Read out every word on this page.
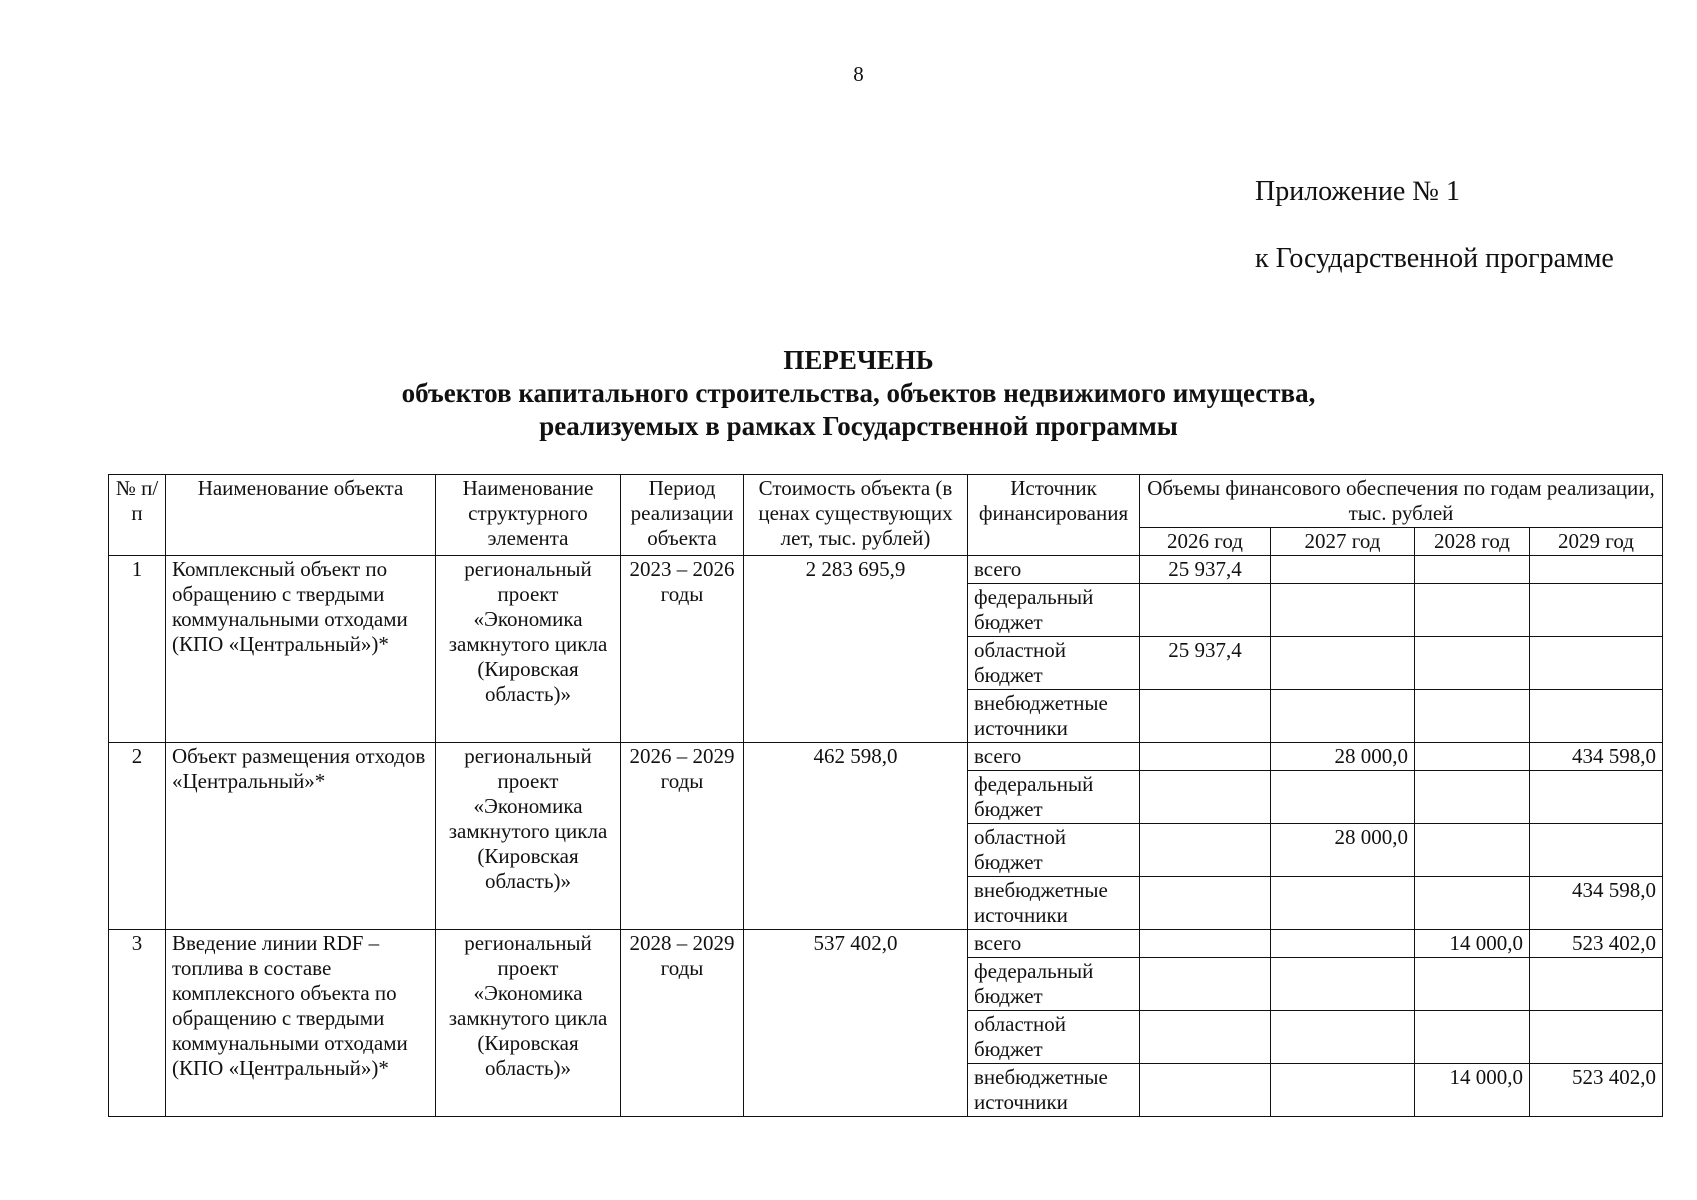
8
Приложение № 1
к Государственной программе
ПЕРЕЧЕНЬ
объектов капитального строительства, объектов недвижимого имущества,
реализуемых в рамках Государственной программы
№ п/п	Наименование объекта	Наименование структурного элемента	Период реализации объекта	Стоимость объекта (в ценах существующих лет, тыс. рублей)	Источник финансирования	Объемы финансового обеспечения по годам реализации, тыс. рублей			
						2026 год	2027 год	2028 год	2029 год
1	Комплексный объект по обращению с твердыми коммунальными отходами (КПО «Центральный»)*	региональный проект «Экономика замкнутого цикла (Кировская область)»	2023 – 2026 годы	2 283 695,9	всего	25 937,4			
					федеральный бюджет				
					областной бюджет	25 937,4			
					внебюджетные источники				
2	Объект размещения отходов «Центральный»*	региональный проект «Экономика замкнутого цикла (Кировская область)»	2026 – 2029 годы	462 598,0	всего		28 000,0		434 598,0
					федеральный бюджет				
					областной бюджет		28 000,0		
					внебюджетные источники				434 598,0
3	Введение линии RDF – топлива в составе комплексного объекта по обращению с твердыми коммунальными отходами (КПО «Центральный»)*	региональный проект «Экономика замкнутого цикла (Кировская область)»	2028 – 2029 годы	537 402,0	всего			14 000,0	523 402,0
					федеральный бюджет				
					областной бюджет				
					внебюджетные источники			14 000,0	523 402,0
